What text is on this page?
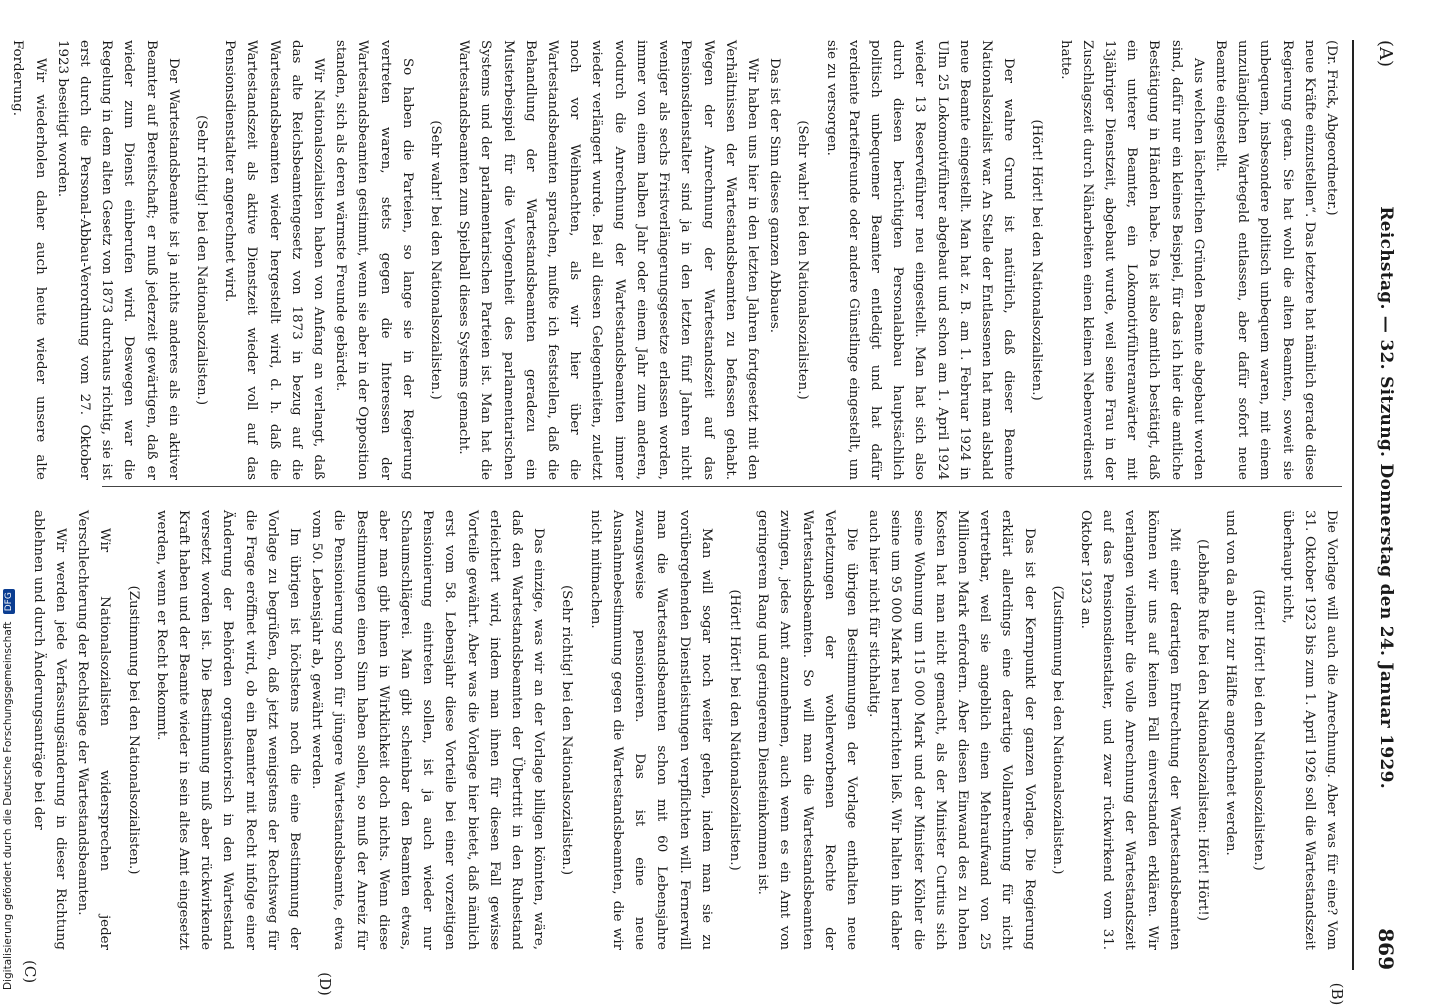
(A)
Reichstag. — 32. Sitzung. Donnerstag den 24. Januar 1929.
869

(Dr. Frick, Abgeordneter.)

neue Kräfte einzustellen“. Das letztere hat nämlich gerade diese Regierung getan. Sie hat wohl die alten Beamten, soweit sie unbequem, insbesondere politisch unbequem waren, mit einem unzulänglichen Wartegeld entlassen, aber dafür sofort neue Beamte eingestellt.

Aus welchen lächerlichen Gründen Beamte abgebaut worden sind, dafür nur ein kleines Beispiel, für das ich hier die amtliche Bestätigung in Händen habe. Da ist also amtlich bestätigt, daß ein unterer Beamter, ein Lokomotivführeranwärter mit 13jähriger Dienstzeit, abgebaut wurde, weil seine Frau in der Zuschlagszeit durch Näharbeiten einen kleinen Nebenverdienst hatte.

(Hört! Hört! bei den Nationalsozialisten.)

Der wahre Grund ist natürlich, daß dieser Beamte Nationalsozialist war. An Stelle der Entlassenen hat man alsbald neue Beamte eingestellt. Man hat z. B. am 1. Februar 1924 in Ulm 25 Lokomotivführer abgebaut und schon am 1. April 1924 wieder 13 Reserveführer neu eingestellt. Man hat sich also durch diesen berüchtigten Personalabbau hauptsächlich politisch unbequemer Beamter entledigt und hat dafür verdiente Parteifreunde oder andere Günstlinge eingestellt, um sie zu versorgen.

(Sehr wahr! bei den Nationalsozialisten.)

Das ist der Sinn dieses ganzen Abbaues.

Wir haben uns hier in den letzten Jahren fortgesetzt mit den Verhältnissen der Wartestandsbeamten zu befassen gehabt. Wegen der Anrechnung der Wartestandszeit auf das Pensionsdienstalter sind ja in den letzten fünf Jahren nicht weniger als sechs Fristverlängerungsgesetze erlassen worden, immer von einem halben Jahr oder einem Jahr zum anderen, wodurch die Anrechnung der Wartestandsbeamten immer wieder verlängert wurde. Bei all diesen Gelegenheiten, zuletzt noch vor Weihnachten, als wir hier über die Wartestandsbeamten sprachen, mußte ich feststellen, daß die Behandlung der Wartestandsbeamten geradezu ein Musterbeispiel für die Verlogenheit des parlamentarischen Systems und der parlamentarischen Parteien ist. Man hat die Wartestandsbeamten zum Spielball dieses Systems gemacht.

(Sehr wahr! bei den Nationalsozialisten.)

So haben die Parteien, so lange sie in der Regierung vertreten waren, stets gegen die Interessen der Wartestandsbeamten gestimmt, wenn sie aber in der Opposition standen, sich als deren wärmste Freunde gebärdet.

Wir Nationalsozialisten haben von Anfang an verlangt, daß das alte Reichsbeamtengesetz von 1873 in bezug auf die Wartestandsbeamten wieder hergestellt wird, d. h. daß die Wartestandszeit als aktive Dienstzeit wieder voll auf das Pensionsdienstalter angerechnet wird.

(Sehr richtig! bei den Nationalsozialisten.)

Der Wartestandsbeamte ist ja nichts anderes als ein aktiver Beamter auf Bereitschaft; er muß jederzeit gewärtigen, daß er wieder zum Dienst einberufen wird. Deswegen war die Regelung in dem alten Gesetz von 1873 durchaus richtig, sie ist erst durch die Personal-Abbau-Verordnung vom 27. Oktober 1923 beseitigt worden.

Wir wiederholen daher auch heute wieder unsere alte Forderung.

Die Vorlage will auch die Anrechnung. Aber was für eine? Vom 31. Oktober 1923 bis zum 1. April 1926 soll die Wartestandszeit überhaupt nicht,

(Hört! Hört! bei den Nationalsozialisten.)

und von da ab nur zur Hälfte angerechnet werden.

(Lebhafte Rufe bei den Nationalsozialisten: Hört! Hört!)

Mit einer derartigen Entrechtung der Wartestandsbeamten können wir uns auf keinen Fall einverstanden erklären. Wir verlangen vielmehr die volle Anrechnung der Wartestandszeit auf das Pensionsdienstalter, und zwar rückwirkend vom 31. Oktober 1923 an.

(Zustimmung bei den Nationalsozialisten.)

Das ist der Kernpunkt der ganzen Vorlage. Die Regierung erklärt allerdings eine derartige Vollanrechnung für nicht vertretbar, weil sie angeblich einen Mehraufwand von 25 Millionen Mark erfordern. Aber diesen Einwand des zu hohen Kosten hat man nicht gemacht, als der Minister Curtius sich seine Wohnung um 115 000 Mark und der Minister Köhler die seine um 95 000 Mark neu herrichten ließ. Wir halten ihn daher auch hier nicht für stichhaltig.

Die übrigen Bestimmungen der Vorlage enthalten neue Verletzungen der wohlerworbenen Rechte der Wartestandsbeamten. So will man die Wartestandsbeamten zwingen, jedes Amt anzunehmen, auch wenn es ein Amt von geringerem Rang und geringerem Diensteinkommen ist.

(Hört! Hört! bei den Nationalsozialisten.)

Man will sogar noch weiter gehen, indem man sie zu vorübergehenden Dienstleistungen verpflichten will. Fernerwill man die Wartestandsbeamten schon mit 60 Lebensjahre zwangsweise pensionieren. Das ist eine neue Ausnahmebestimmung gegen die Wartestandsbeamten, die wir nicht mitmachen.

(Sehr richtig! bei den Nationalsozialisten.)

Das einzige, was wir an der Vorlage billigen könnten, wäre, daß den Wartestandsbeamten der Übertritt in den Ruhestand erleichtert wird, indem man ihnen für diesen Fall gewisse Vorteile gewährt. Aber was die Vorlage hier bietet, daß nämlich erst vom 58. Lebensjahr diese Vorteile bei einer vorzeitigen Pensionierung eintreten sollen, ist ja auch wieder nur Schaumschlägerei. Man gibt scheinbar den Beamten etwas, aber man gibt ihnen in Wirklichkeit doch nichts. Wenn diese Bestimmungen einen Sinn haben sollen, so muß der Anreiz für die Pensionierung schon für jüngere Wartestandsbeamte, etwa vom 50. Lebensjahr ab, gewährt werden.

Im übrigen ist höchstens noch die eine Bestimmung der Vorlage zu begrüßen, daß jetzt wenigstens der Rechtsweg für die Frage eröffnet wird, ob ein Beamter mit Recht infolge einer Änderung der Behörden organisatorisch in den Wartestand versetzt worden ist. Die Bestimmung muß aber rückwirkende Kraft haben und der Beamte wieder in sein altes Amt eingesetzt werden, wenn er Recht bekommt.

(Zustimmung bei den Nationalsozialisten.)

Wir Nationalsozialisten widersprechen jeder Verschlechterung der Rechtslage der Wartestandsbeamten.

Wir werden jede Verfassungsänderung in dieser Richtung ablehnen und durch Änderungsanträge bei der

(B)
(D)
(C)
Digitalisierung gefördert durch die Deutsche Forschungsgemeinschaft DFG
